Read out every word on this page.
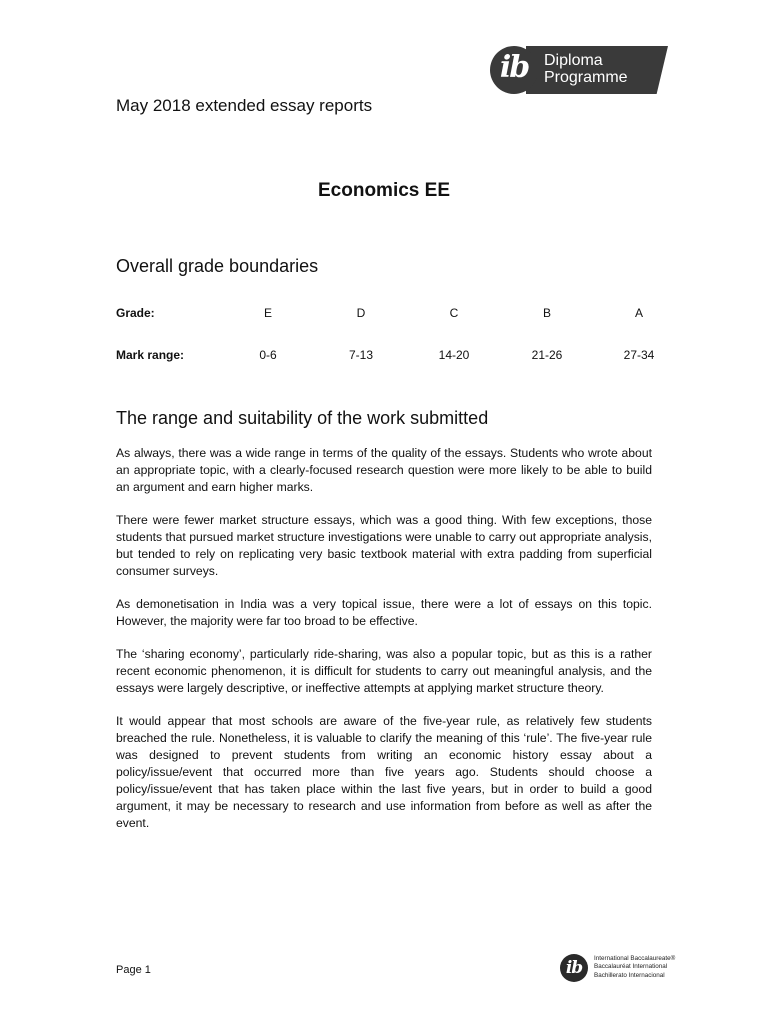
ib Diploma
Programme
May 2018 extended essay reports
Economics EE
Overall grade boundaries
Grade:	E	D	C	B	A
Mark range:	0-6	7-13	14-20	21-26	27-34
The range and suitability of the work submitted

As always, there was a wide range in terms of the quality of the essays. Students who wrote about an appropriate topic, with a clearly-focused research question were more likely to be able to build an argument and earn higher marks.

There were fewer market structure essays, which was a good thing. With few exceptions, those students that pursued market structure investigations were unable to carry out appropriate analysis, but tended to rely on replicating very basic textbook material with extra padding from superficial consumer surveys.

As demonetisation in India was a very topical issue, there were a lot of essays on this topic. However, the majority were far too broad to be effective.

The ‘sharing economy’, particularly ride-sharing, was also a popular topic, but as this is a rather recent economic phenomenon, it is difficult for students to carry out meaningful analysis, and the essays were largely descriptive, or ineffective attempts at applying market structure theory.

It would appear that most schools are aware of the five-year rule, as relatively few students breached the rule. Nonetheless, it is valuable to clarify the meaning of this ‘rule’. The five-year rule was designed to prevent students from writing an economic history essay about a policy/issue/event that occurred more than five years ago. Students should choose a policy/issue/event that has taken place within the last five years, but in order to build a good argument, it may be necessary to research and use information from before as well as after the event.

Page 1	ib	International Baccalaureate®
Baccalauréat International
Bachillerato Internacional
